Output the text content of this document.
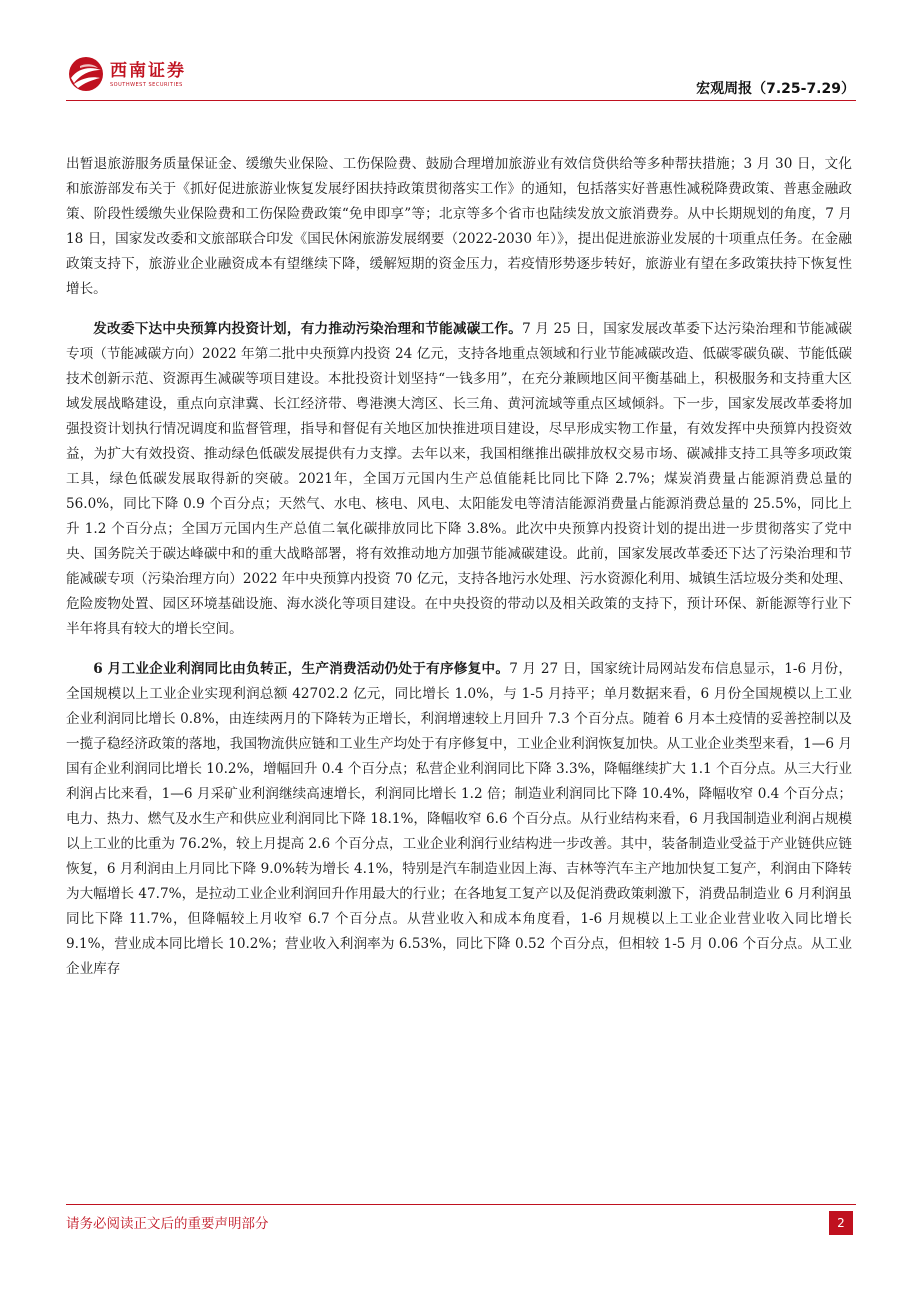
西南证券
SOUTHWEST SECURITIES	宏观周报（7.25-7.29）

出暂退旅游服务质量保证金、缓缴失业保险、工伤保险费、鼓励合理增加旅游业有效信贷供给等多种帮扶措施；3 月 30 日，文化和旅游部发布关于《抓好促进旅游业恢复发展纾困扶持政策贯彻落实工作》的通知，包括落实好普惠性减税降费政策、普惠金融政策、阶段性缓缴失业保险费和工伤保险费政策“免申即享”等；北京等多个省市也陆续发放文旅消费券。从中长期规划的角度，7 月 18 日，国家发改委和文旅部联合印发《国民休闲旅游发展纲要（2022-2030 年）》，提出促进旅游业发展的十项重点任务。在金融政策支持下，旅游业企业融资成本有望继续下降，缓解短期的资金压力，若疫情形势逐步转好，旅游业有望在多政策扶持下恢复性增长。

发改委下达中央预算内投资计划，有力推动污染治理和节能减碳工作。7 月 25 日，国家发展改革委下达污染治理和节能减碳专项（节能减碳方向）2022 年第二批中央预算内投资 24 亿元，支持各地重点领域和行业节能减碳改造、低碳零碳负碳、节能低碳技术创新示范、资源再生减碳等项目建设。本批投资计划坚持“一钱多用”，在充分兼顾地区间平衡基础上，积极服务和支持重大区域发展战略建设，重点向京津冀、长江经济带、粤港澳大湾区、长三角、黄河流域等重点区域倾斜。下一步，国家发展改革委将加强投资计划执行情况调度和监督管理，指导和督促有关地区加快推进项目建设，尽早形成实物工作量，有效发挥中央预算内投资效益，为扩大有效投资、推动绿色低碳发展提供有力支撑。去年以来，我国相继推出碳排放权交易市场、碳减排支持工具等多项政策工具，绿色低碳发展取得新的突破。2021年，全国万元国内生产总值能耗比同比下降 2.7%；煤炭消费量占能源消费总量的 56.0%，同比下降 0.9 个百分点；天然气、水电、核电、风电、太阳能发电等清洁能源消费量占能源消费总量的 25.5%，同比上升 1.2 个百分点；全国万元国内生产总值二氧化碳排放同比下降 3.8%。此次中央预算内投资计划的提出进一步贯彻落实了党中央、国务院关于碳达峰碳中和的重大战略部署，将有效推动地方加强节能减碳建设。此前，国家发展改革委还下达了污染治理和节能减碳专项（污染治理方向）2022 年中央预算内投资 70 亿元，支持各地污水处理、污水资源化利用、城镇生活垃圾分类和处理、危险废物处置、园区环境基础设施、海水淡化等项目建设。在中央投资的带动以及相关政策的支持下，预计环保、新能源等行业下半年将具有较大的增长空间。

6 月工业企业利润同比由负转正，生产消费活动仍处于有序修复中。7 月 27 日，国家统计局网站发布信息显示，1-6 月份，全国规模以上工业企业实现利润总额 42702.2 亿元，同比增长 1.0%，与 1-5 月持平；单月数据来看，6 月份全国规模以上工业企业利润同比增长 0.8%，由连续两月的下降转为正增长，利润增速较上月回升 7.3 个百分点。随着 6 月本土疫情的妥善控制以及一揽子稳经济政策的落地，我国物流供应链和工业生产均处于有序修复中，工业企业利润恢复加快。从工业企业类型来看，1—6 月国有企业利润同比增长 10.2%，增幅回升 0.4 个百分点；私营企业利润同比下降 3.3%，降幅继续扩大 1.1 个百分点。从三大行业利润占比来看，1—6 月采矿业利润继续高速增长，利润同比增长 1.2 倍；制造业利润同比下降 10.4%，降幅收窄 0.4 个百分点；电力、热力、燃气及水生产和供应业利润同比下降 18.1%，降幅收窄 6.6 个百分点。从行业结构来看，6 月我国制造业利润占规模以上工业的比重为 76.2%，较上月提高 2.6 个百分点，工业企业利润行业结构进一步改善。其中，装备制造业受益于产业链供应链恢复，6 月利润由上月同比下降 9.0%转为增长 4.1%，特别是汽车制造业因上海、吉林等汽车主产地加快复工复产，利润由下降转为大幅增长 47.7%，是拉动工业企业利润回升作用最大的行业；在各地复工复产以及促消费政策刺激下，消费品制造业 6 月利润虽同比下降 11.7%，但降幅较上月收窄 6.7 个百分点。从营业收入和成本角度看，1-6 月规模以上工业企业营业收入同比增长 9.1%，营业成本同比增长 10.2%；营业收入利润率为 6.53%，同比下降 0.52 个百分点，但相较 1-5 月 0.06 个百分点。从工业企业库存

请务必阅读正文后的重要声明部分	2
